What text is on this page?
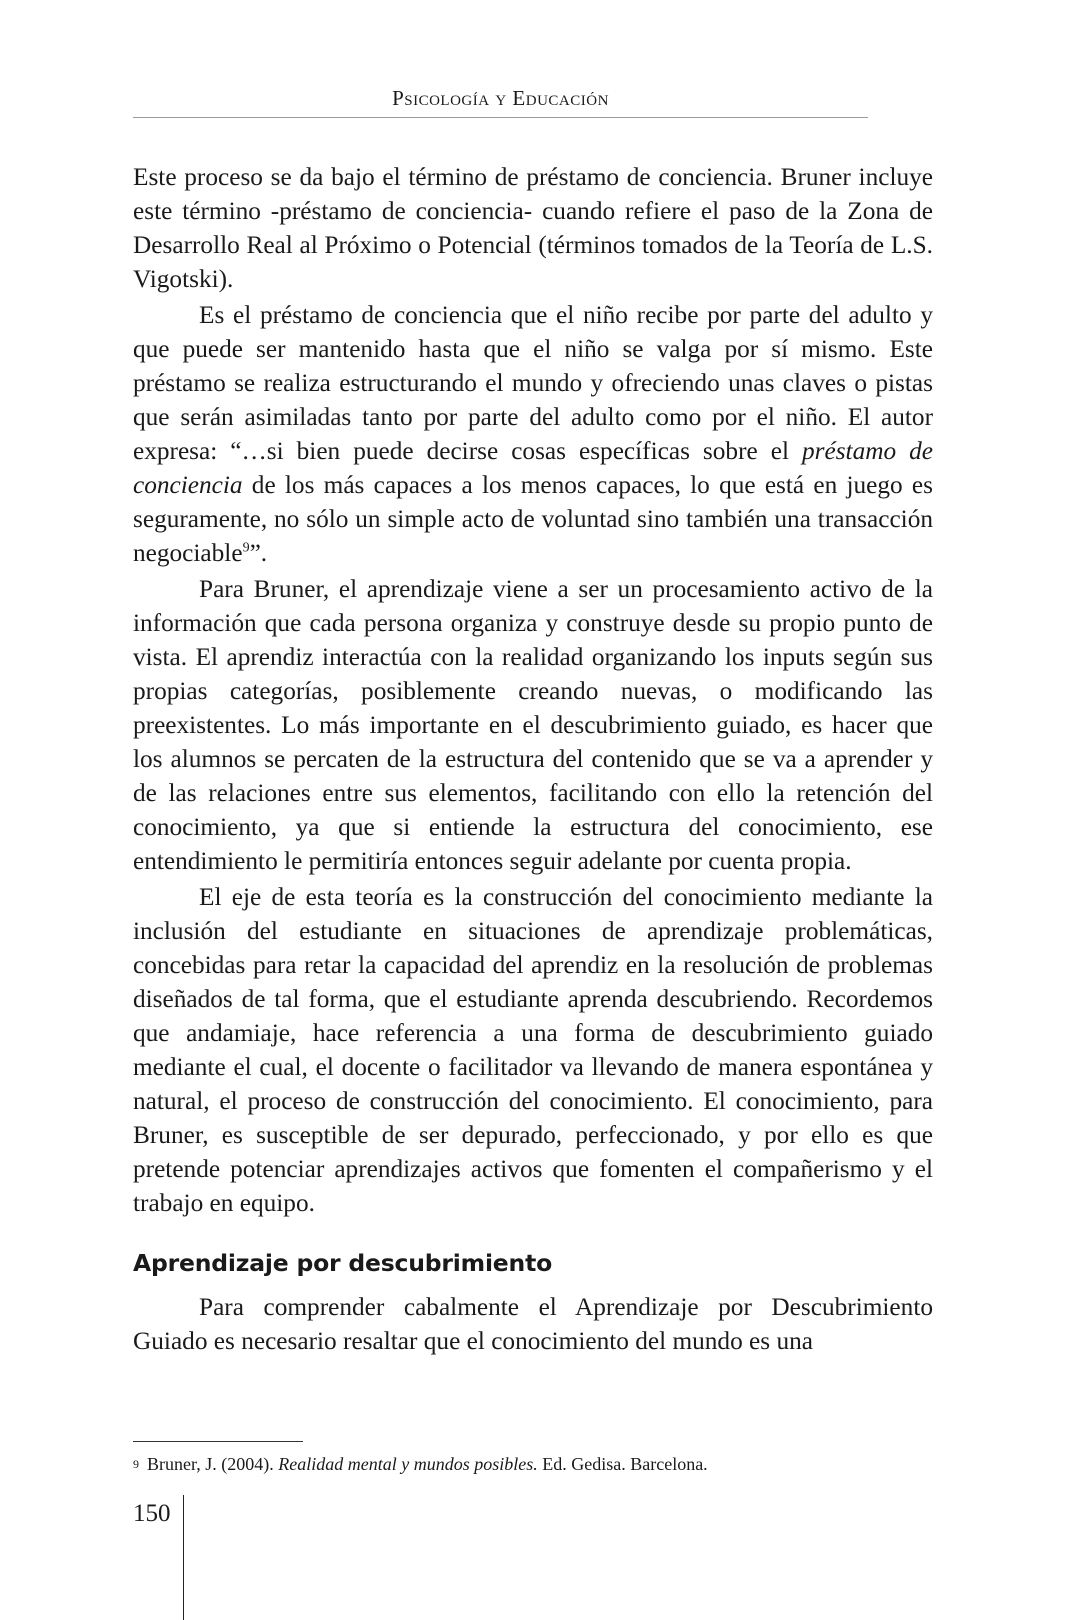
Psicología y Educación

Este proceso se da bajo el término de préstamo de conciencia. Bruner incluye este término -préstamo de conciencia- cuando refiere el paso de la Zona de Desarrollo Real al Próximo o Potencial (términos tomados de la Teoría de L.S. Vigotski).

Es el préstamo de conciencia que el niño recibe por parte del adulto y que puede ser mantenido hasta que el niño se valga por sí mismo. Este préstamo se realiza estructurando el mundo y ofreciendo unas claves o pistas que serán asimiladas tanto por parte del adulto como por el niño. El autor expresa: “…si bien puede decirse cosas específicas sobre el préstamo de conciencia de los más capaces a los menos capaces, lo que está en juego es seguramente, no sólo un simple acto de voluntad sino también una transacción negociable$^9$”.

Para Bruner, el aprendizaje viene a ser un procesamiento activo de la información que cada persona organiza y construye desde su propio punto de vista. El aprendiz interactúa con la realidad organizando los inputs según sus propias categorías, posiblemente creando nuevas, o modificando las preexistentes. Lo más importante en el descubrimiento guiado, es hacer que los alumnos se percaten de la estructura del contenido que se va a aprender y de las relaciones entre sus elementos, facilitando con ello la retención del conocimiento, ya que si entiende la estructura del conocimiento, ese entendimiento le permitiría entonces seguir adelante por cuenta propia.

El eje de esta teoría es la construcción del conocimiento mediante la inclusión del estudiante en situaciones de aprendizaje problemáticas, concebidas para retar la capacidad del aprendiz en la resolución de problemas diseñados de tal forma, que el estudiante aprenda descubriendo. Recordemos que andamiaje, hace referencia a una forma de descubrimiento guiado mediante el cual, el docente o facilitador va llevando de manera espontánea y natural, el proceso de construcción del conocimiento. El conocimiento, para Bruner, es susceptible de ser depurado, perfeccionado, y por ello es que pretende potenciar aprendizajes activos que fomenten el compañerismo y el trabajo en equipo.

Aprendizaje por descubrimiento

Para comprender cabalmente el Aprendizaje por Descubrimiento Guiado es necesario resaltar que el conocimiento del mundo es una

$^9$ Bruner, J. (2004). Realidad mental y mundos posibles. Ed. Gedisa. Barcelona.
150
